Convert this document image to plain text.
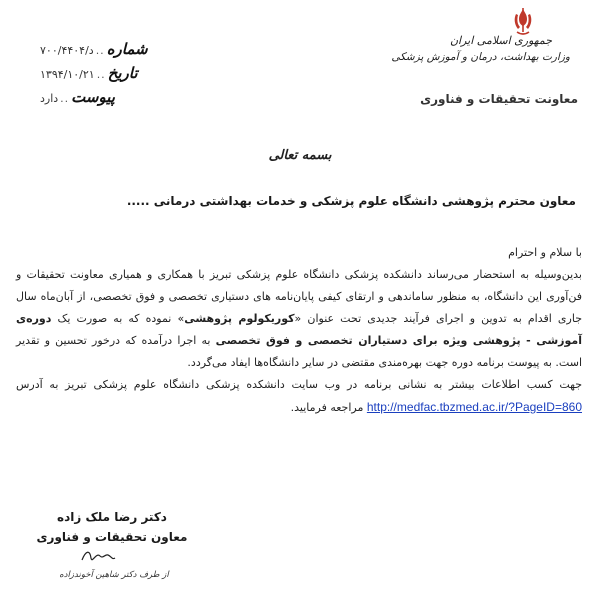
جمهوری اسلامی ایران
وزارت بهداشت، درمان و آموزش پزشکی
معاونت تحقیقات و فناوری
شماره
..
۷۰۰/د/۴۴۰۴
تاریخ
..
۱۳۹۴/۱۰/۲۱
پیوست
..
دارد
بسمه تعالی
معاون محترم پژوهشی دانشگاه علوم پزشکی و خدمات بهداشتی درمانی .....

با سلام و احترام

بدین‌وسیله به استحضار می‌رساند دانشکده پزشکی دانشگاه علوم پزشکی تبریز با همکاری و همیاری معاونت تحقیقات و فن‌آوری این دانشگاه، به منظور ساماندهی و ارتقای کیفی پایان‌نامه های دستیاری تخصصی و فوق تخصصی، از آبان‌ماه سال جاری اقدام به تدوین و اجرای فرآیند جدیدی تحت عنوان «کوریکولوم پژوهشی» نموده که به صورت یک دوره‌ی آموزشی - پژوهشی ویژه برای دستیاران تخصصی و فوق تخصصی به اجرا درآمده که درخور تحسین و تقدیر است. به پیوست برنامه دوره جهت بهره‌مندی مقتضی در سایر دانشگاه‌ها ایفاد می‌گردد.

جهت کسب اطلاعات بیشتر به نشانی برنامه در وب سایت دانشکده پزشکی دانشگاه علوم پزشکی تبریز به آدرس http://medfac.tbzmed.ac.ir/?PageID=860 مراجعه فرمایید.

دکتر رضا ملک زاده
معاون تحقیقات و فناوری
از طرف دکتر شاهین آخوندزاده
